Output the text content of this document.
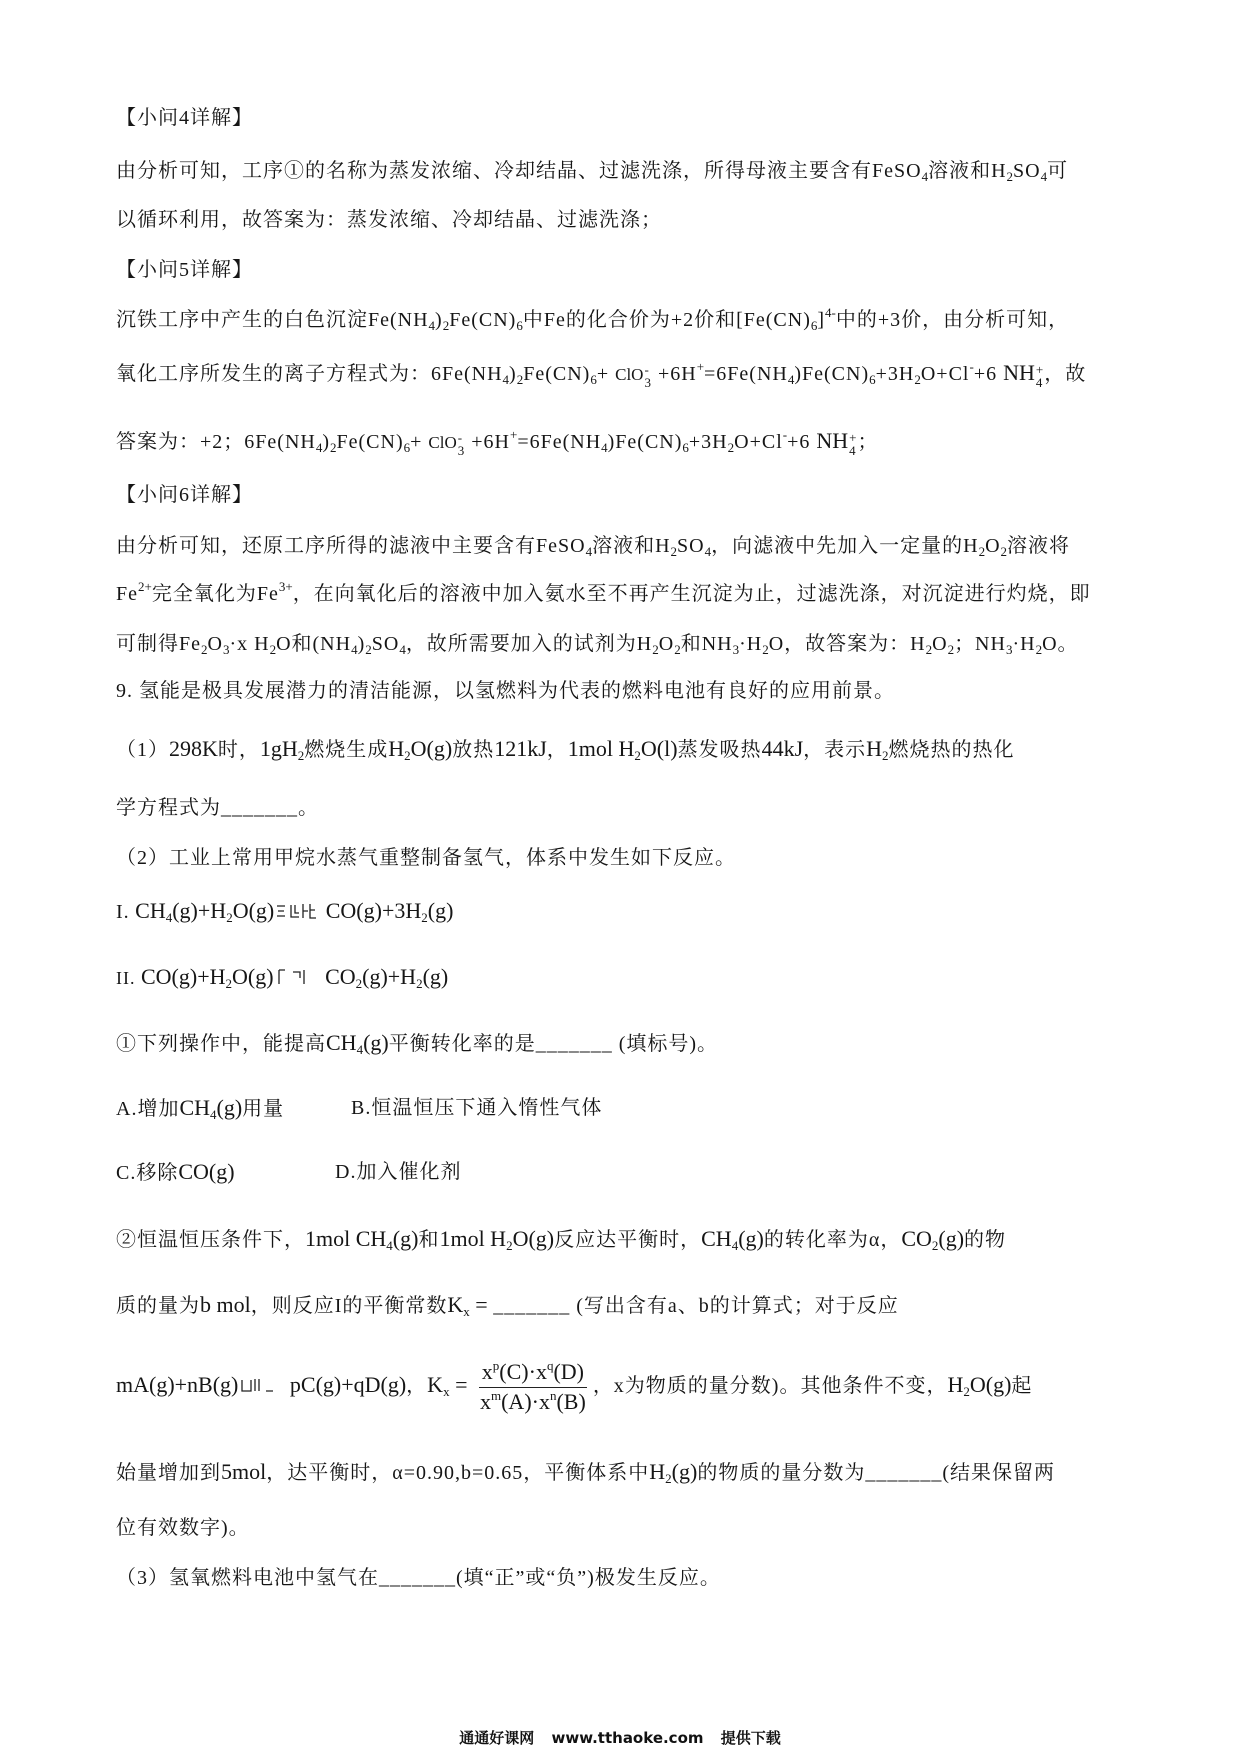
【小问4详解】
由分析可知，工序①的名称为蒸发浓缩、冷却结晶、过滤洗涤，所得母液主要含有FeSO$_4$溶液和$H_2SO_4$可
以循环利用，故答案为：蒸发浓缩、冷却结晶、过滤洗涤；
【小问5详解】
沉铁工序中产生的白色沉淀$Fe(NH_4)_2Fe(CN)_6$中Fe的化合价为+2价和$[Fe(CN)_6]^{4-}$中的+3价，由分析可知，
氧化工序所发生的离子方程式为：$6Fe(NH_4)_2Fe(CN)_6+$ ClO -
$3 +6H^+=6Fe(NH_4)Fe(CN)_6+3H_2O+Cl^-+6$ NH +
4 ，故
答案为：+2；$6Fe(NH_4)_2Fe(CN)_6+$ ClO -
$3 +6H^+=6Fe(NH_4)Fe(CN)_6+3H_2O+Cl^-+6$ NH +
4 ；
【小问6详解】
由分析可知，还原工序所得的滤液中主要含有FeSO$_4$溶液和$H_2SO_4$，向滤液中先加入一定量的$H_2O_2$溶液将
$Fe^{2+}$完全氧化为$Fe^{3+}$，在向氧化后的溶液中加入氨水至不再产生沉淀为止，过滤洗涤，对沉淀进行灼烧，即
可制得$Fe_2O_3\cdot x$ $H_2O$和$(NH_4)_2SO_4$，故所需要加入的试剂为$H_2O_2$和$NH_3\cdot H_2O$，故答案为：$H_2O_2$；$NH_3\cdot H_2O$。
9. 氢能是极具发展潜力的清洁能源，以氢燃料为代表的燃料电池有良好的应用前景。
（1）298K时，$1gH_2$燃烧生成$H_2O(g)$放热121kJ，1mol $H_2O(l)$蒸发吸热44kJ，表示$H_2$燃烧热的热化
学方程式为_______。
（2）工业上常用甲烷水蒸气重整制备氢气，体系中发生如下反应。
I. $CH_4(g)+H_2O(g)$ $CO(g)+3H_2(g)$
II. $CO(g)+H_2O(g)$ $CO_2(g)+H_2(g)$
①下列操作中，能提高$CH_4(g)$平衡转化率的是_______ (填标号)。
A.增加$CH_4(g)$用量	B.恒温恒压下通入惰性气体
C.移除CO(g)	D.加入催化剂
②恒温恒压条件下，1mol $CH_4(g)$和1mol $H_2O(g)$反应达平衡时，$CH_4(g)$的转化率为α，$CO_2(g)$的物
质的量为b mol，则反应I的平衡常数$K_x$ = _______ (写出含有a、b的计算式；对于反应
mA(g)+nB(g) pC(g)+qD(g)，$K_x = \frac{x^p(C)\cdot x^q(D)}{x^m(A)\cdot x^n(B)}$ ，x为物质的量分数)。其他条件不变，$H_2O(g)$起
始量增加到5mol，达平衡时，α=0.90,b=0.65，平衡体系中$H_2(g)$的物质的量分数为_______(结果保留两
位有效数字)。
（3）氢氧燃料电池中氢气在_______(填“正”或“负”)极发生反应。
通通好课网 www.tthaoke.com 提供下载
